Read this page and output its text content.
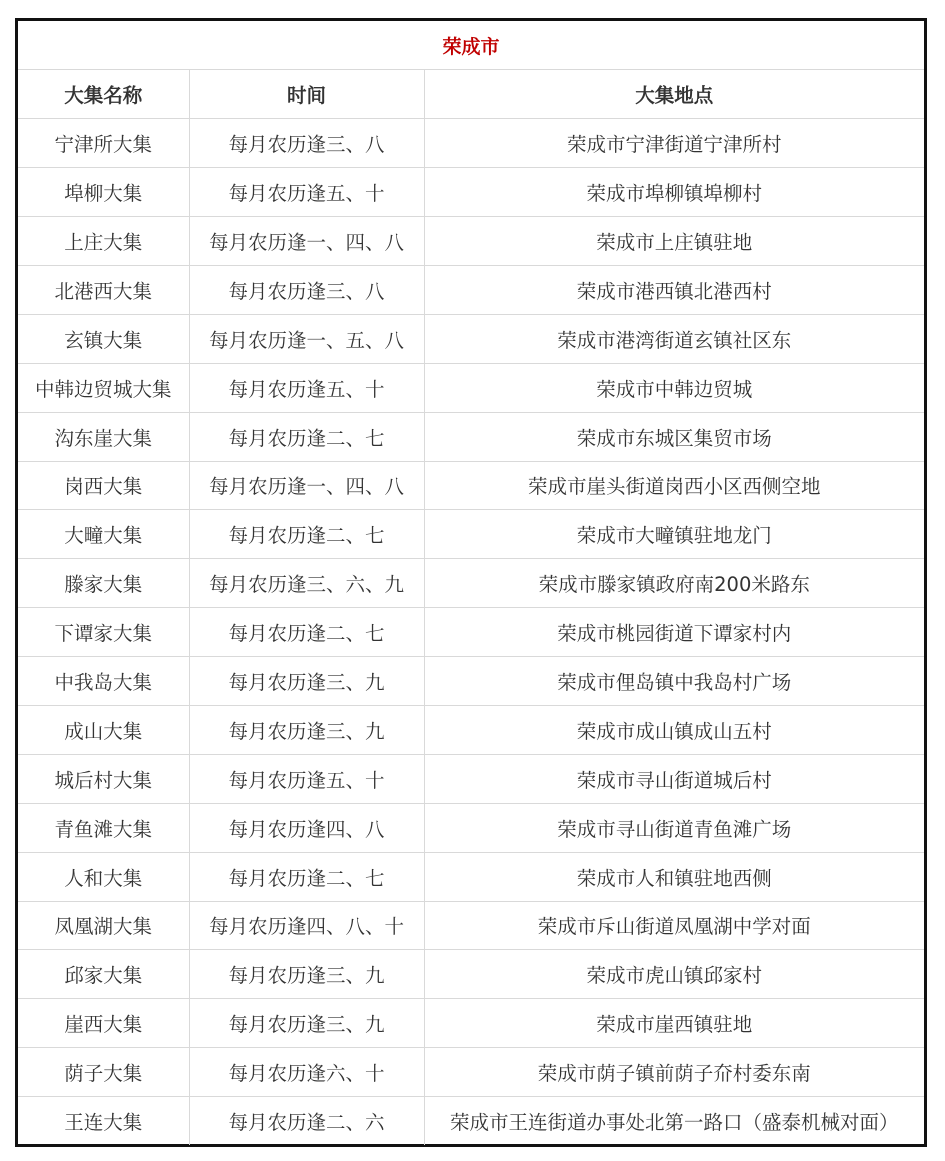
荣成市		
大集名称	时间	大集地点
宁津所大集	每月农历逢三、八	荣成市宁津街道宁津所村
埠柳大集	每月农历逢五、十	荣成市埠柳镇埠柳村
上庄大集	每月农历逢一、四、八	荣成市上庄镇驻地
北港西大集	每月农历逢三、八	荣成市港西镇北港西村
玄镇大集	每月农历逢一、五、八	荣成市港湾街道玄镇社区东
中韩边贸城大集	每月农历逢五、十	荣成市中韩边贸城
沟东崖大集	每月农历逢二、七	荣成市东城区集贸市场
岗西大集	每月农历逢一、四、八	荣成市崖头街道岗西小区西侧空地
大疃大集	每月农历逢二、七	荣成市大疃镇驻地龙门
滕家大集	每月农历逢三、六、九	荣成市滕家镇政府南200米路东
下谭家大集	每月农历逢二、七	荣成市桃园街道下谭家村内
中我岛大集	每月农历逢三、九	荣成市俚岛镇中我岛村广场
成山大集	每月农历逢三、九	荣成市成山镇成山五村
城后村大集	每月农历逢五、十	荣成市寻山街道城后村
青鱼滩大集	每月农历逢四、八	荣成市寻山街道青鱼滩广场
人和大集	每月农历逢二、七	荣成市人和镇驻地西侧
凤凰湖大集	每月农历逢四、八、十	荣成市斥山街道凤凰湖中学对面
邱家大集	每月农历逢三、九	荣成市虎山镇邱家村
崖西大集	每月农历逢三、九	荣成市崖西镇驻地
荫子大集	每月农历逢六、十	荣成市荫子镇前荫子夼村委东南
王连大集	每月农历逢二、六	荣成市王连街道办事处北第一路口（盛泰机械对面）
